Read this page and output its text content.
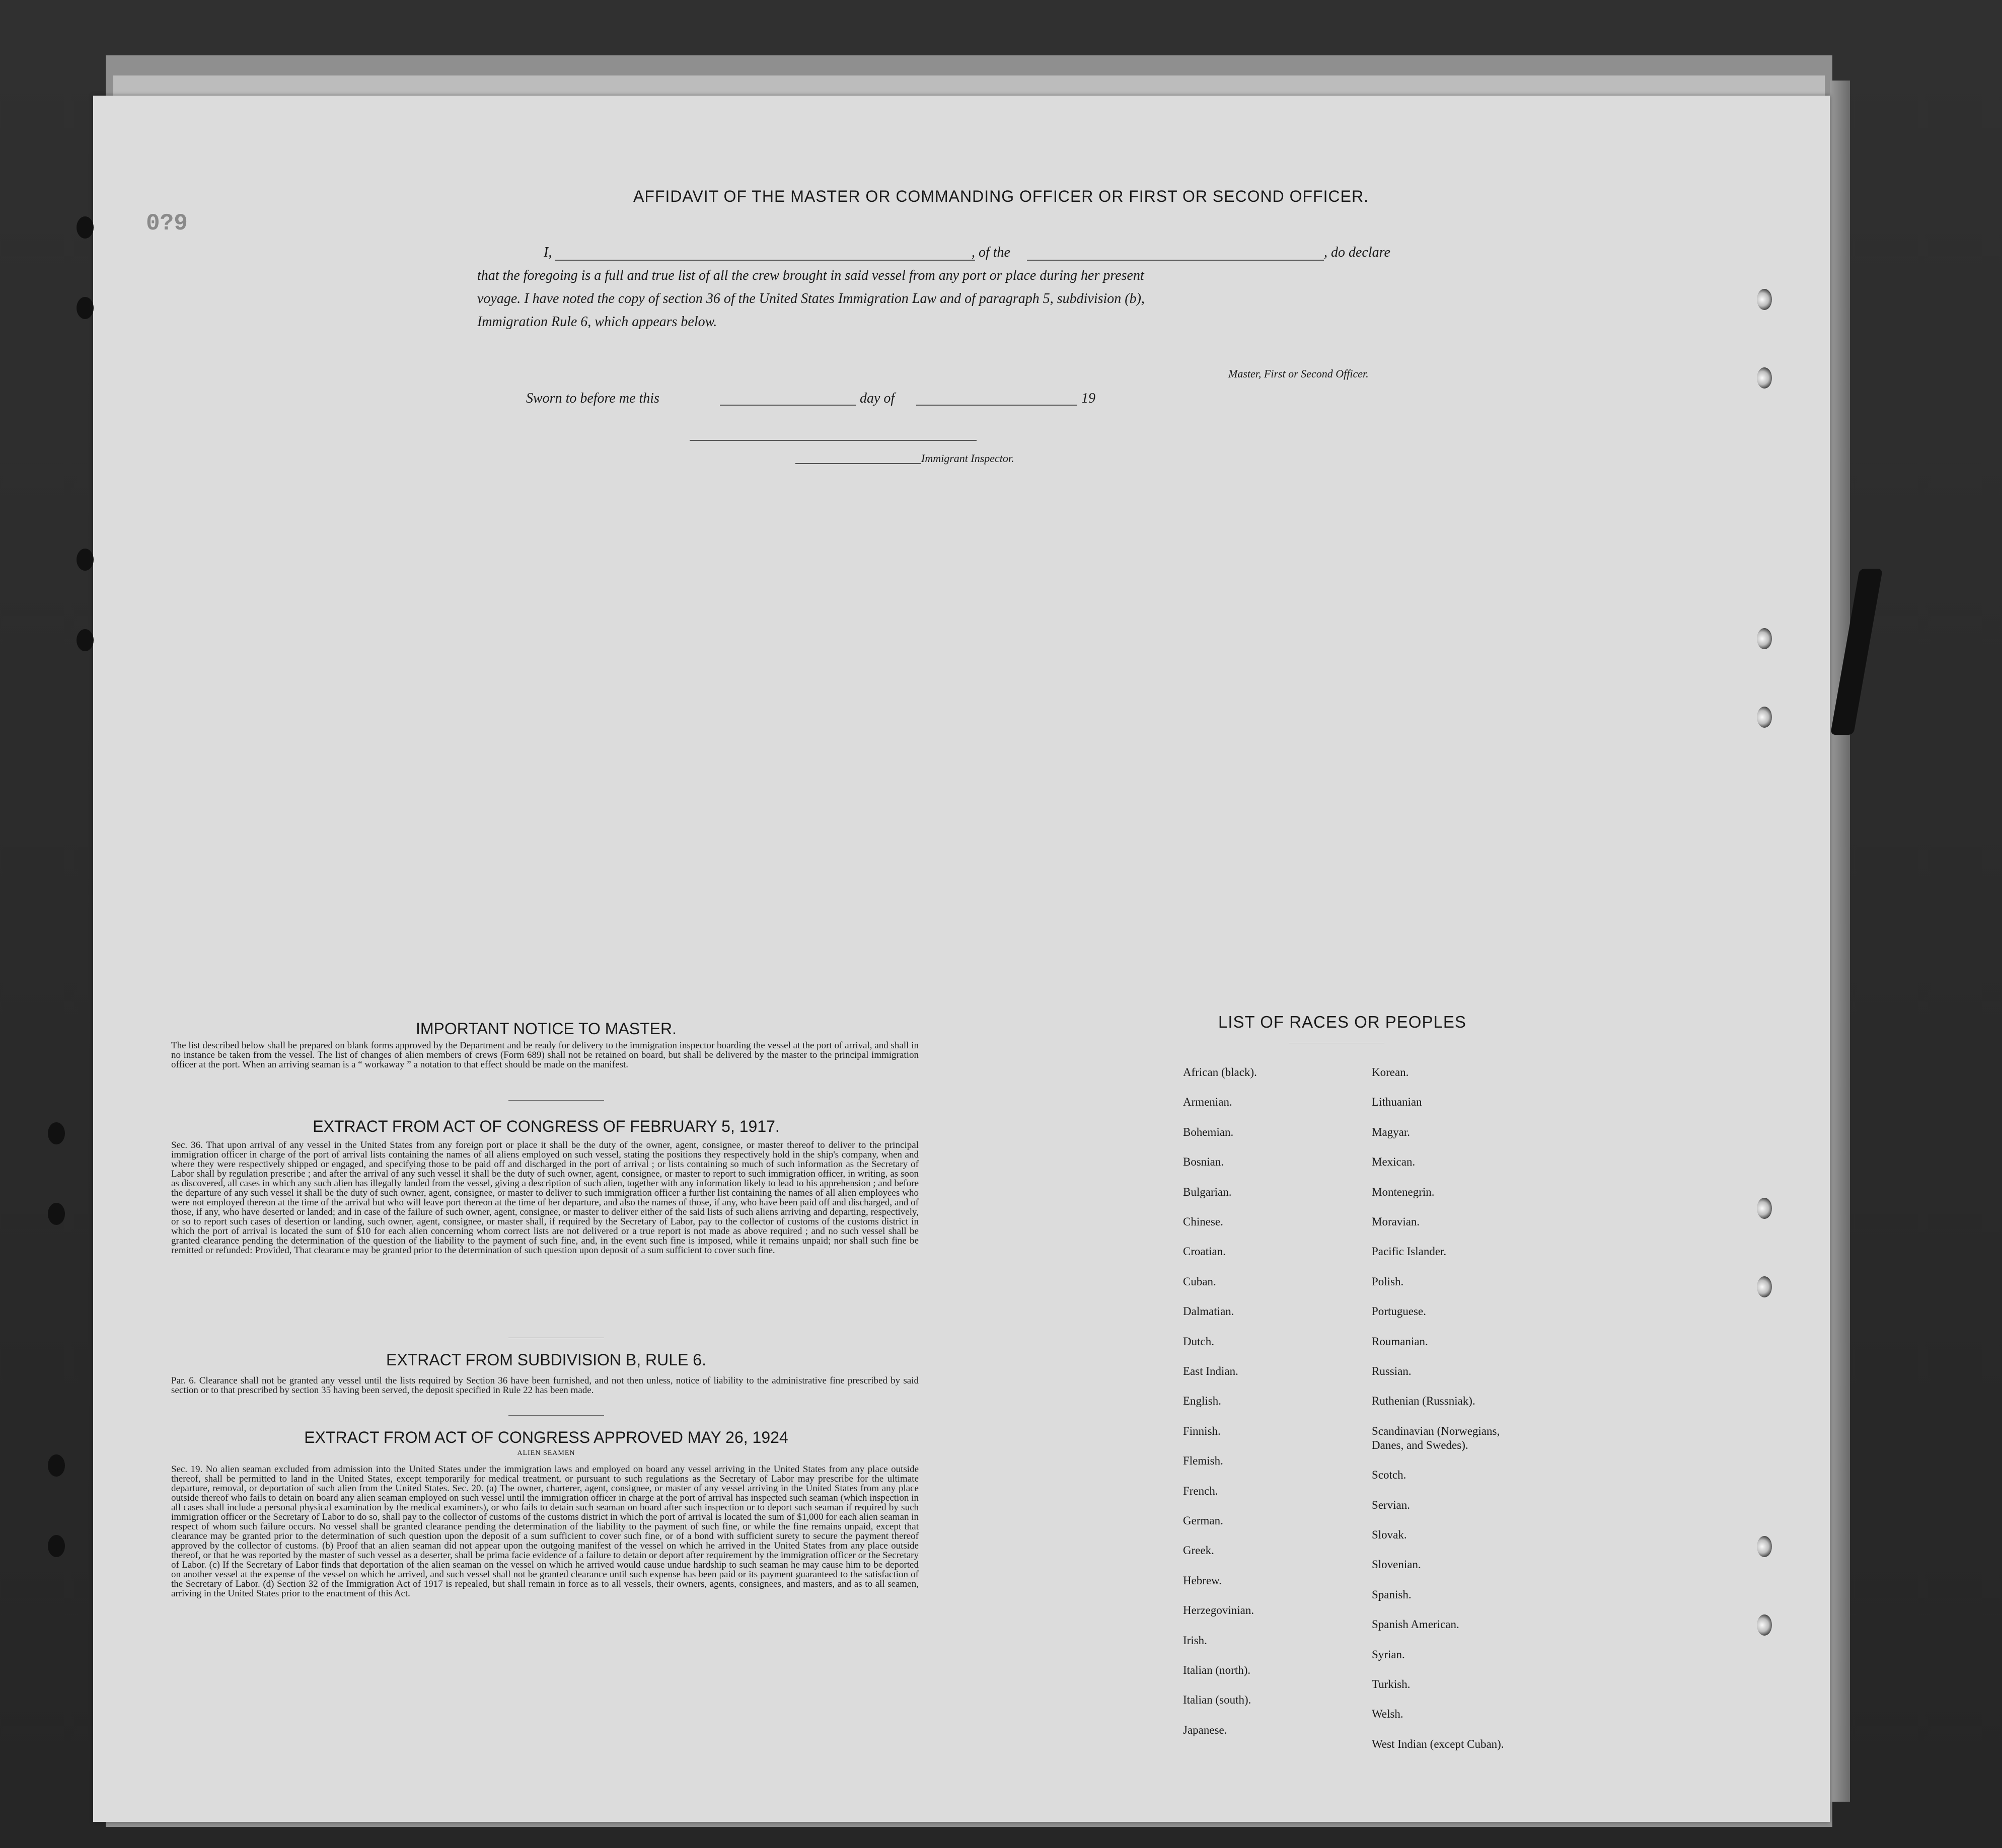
0?9
AFFIDAVIT OF THE MASTER OR COMMANDING OFFICER OR FIRST OR SECOND OFFICER.
I,	, of the	, do declare
that the foregoing is a full and true list of all the crew brought in said vessel from any port or place during her present
voyage. I have noted the copy of section 36 of the United States Immigration Law and of paragraph 5, subdivision (b),
Immigration Rule 6, which appears below.
Master, First or Second Officer.
Sworn to before me this	day of	19
Immigrant Inspector.
IMPORTANT NOTICE TO MASTER.
The list described below shall be prepared on blank forms approved by the Department and be ready for delivery to the immigration inspector boarding the vessel at the port of arrival, and shall in no instance be taken from the vessel. The list of changes of alien members of crews (Form 689) shall not be retained on board, but shall be delivered by the master to the principal immigration officer at the port. When an arriving seaman is a “ workaway ” a notation to that effect should be made on the manifest.
EXTRACT FROM ACT OF CONGRESS OF FEBRUARY 5, 1917.
Sec. 36. That upon arrival of any vessel in the United States from any foreign port or place it shall be the duty of the owner, agent, consignee, or master thereof to deliver to the principal immigration officer in charge of the port of arrival lists containing the names of all aliens employed on such vessel, stating the positions they respectively hold in the ship's company, when and where they were respectively shipped or engaged, and specifying those to be paid off and discharged in the port of arrival ; or lists containing so much of such information as the Secretary of Labor shall by regulation prescribe ; and after the arrival of any such vessel it shall be the duty of such owner, agent, consignee, or master to report to such immigration officer, in writing, as soon as discovered, all cases in which any such alien has illegally landed from the vessel, giving a description of such alien, together with any information likely to lead to his apprehension ; and before the departure of any such vessel it shall be the duty of such owner, agent, consignee, or master to deliver to such immigration officer a further list containing the names of all alien employees who were not employed thereon at the time of the arrival but who will leave port thereon at the time of her departure, and also the names of those, if any, who have been paid off and discharged, and of those, if any, who have deserted or landed; and in case of the failure of such owner, agent, consignee, or master to deliver either of the said lists of such aliens arriving and departing, respectively, or so to report such cases of desertion or landing, such owner, agent, consignee, or master shall, if required by the Secretary of Labor, pay to the collector of customs of the customs district in which the port of arrival is located the sum of $10 for each alien concerning whom correct lists are not delivered or a true report is not made as above required ; and no such vessel shall be granted clearance pending the determination of the question of the liability to the payment of such fine, and, in the event such fine is imposed, while it remains unpaid; nor shall such fine be remitted or refunded: Provided, That clearance may be granted prior to the determination of such question upon deposit of a sum sufficient to cover such fine.
EXTRACT FROM SUBDIVISION B, RULE 6.
Par. 6. Clearance shall not be granted any vessel until the lists required by Section 36 have been furnished, and not then unless, notice of liability to the administrative fine prescribed by said section or to that prescribed by section 35 having been served, the deposit specified in Rule 22 has been made.
EXTRACT FROM ACT OF CONGRESS APPROVED MAY 26, 1924
ALIEN SEAMEN
Sec. 19. No alien seaman excluded from admission into the United States under the immigration laws and employed on board any vessel arriving in the United States from any place outside thereof, shall be permitted to land in the United States, except temporarily for medical treatment, or pursuant to such regulations as the Secretary of Labor may prescribe for the ultimate departure, removal, or deportation of such alien from the United States. Sec. 20. (a) The owner, charterer, agent, consignee, or master of any vessel arriving in the United States from any place outside thereof who fails to detain on board any alien seaman employed on such vessel until the immigration officer in charge at the port of arrival has inspected such seaman (which inspection in all cases shall include a personal physical examination by the medical examiners), or who fails to detain such seaman on board after such inspection or to deport such seaman if required by such immigration officer or the Secretary of Labor to do so, shall pay to the collector of customs of the customs district in which the port of arrival is located the sum of $1,000 for each alien seaman in respect of whom such failure occurs. No vessel shall be granted clearance pending the determination of the liability to the payment of such fine, or while the fine remains unpaid, except that clearance may be granted prior to the determination of such question upon the deposit of a sum sufficient to cover such fine, or of a bond with sufficient surety to secure the payment thereof approved by the collector of customs. (b) Proof that an alien seaman did not appear upon the outgoing manifest of the vessel on which he arrived in the United States from any place outside thereof, or that he was reported by the master of such vessel as a deserter, shall be prima facie evidence of a failure to detain or deport after requirement by the immigration officer or the Secretary of Labor. (c) If the Secretary of Labor finds that deportation of the alien seaman on the vessel on which he arrived would cause undue hardship to such seaman he may cause him to be deported on another vessel at the expense of the vessel on which he arrived, and such vessel shall not be granted clearance until such expense has been paid or its payment guaranteed to the satisfaction of the Secretary of Labor. (d) Section 32 of the Immigration Act of 1917 is repealed, but shall remain in force as to all vessels, their owners, agents, consignees, and masters, and as to all seamen, arriving in the United States prior to the enactment of this Act.
LIST OF RACES OR PEOPLES
African (black).
Armenian.
Bohemian.
Bosnian.
Bulgarian.
Chinese.
Croatian.
Cuban.
Dalmatian.
Dutch.
East Indian.
English.
Finnish.
Flemish.
French.
German.
Greek.
Hebrew.
Herzegovinian.
Irish.
Italian (north).
Italian (south).
Japanese.
Korean.
Lithuanian
Magyar.
Mexican.
Montenegrin.
Moravian.
Pacific Islander.
Polish.
Portuguese.
Roumanian.
Russian.
Ruthenian (Russniak).
Scandinavian (Norwegians,
Danes, and Swedes).
Scotch.
Servian.
Slovak.
Slovenian.
Spanish.
Spanish American.
Syrian.
Turkish.
Welsh.
West Indian (except Cuban).
